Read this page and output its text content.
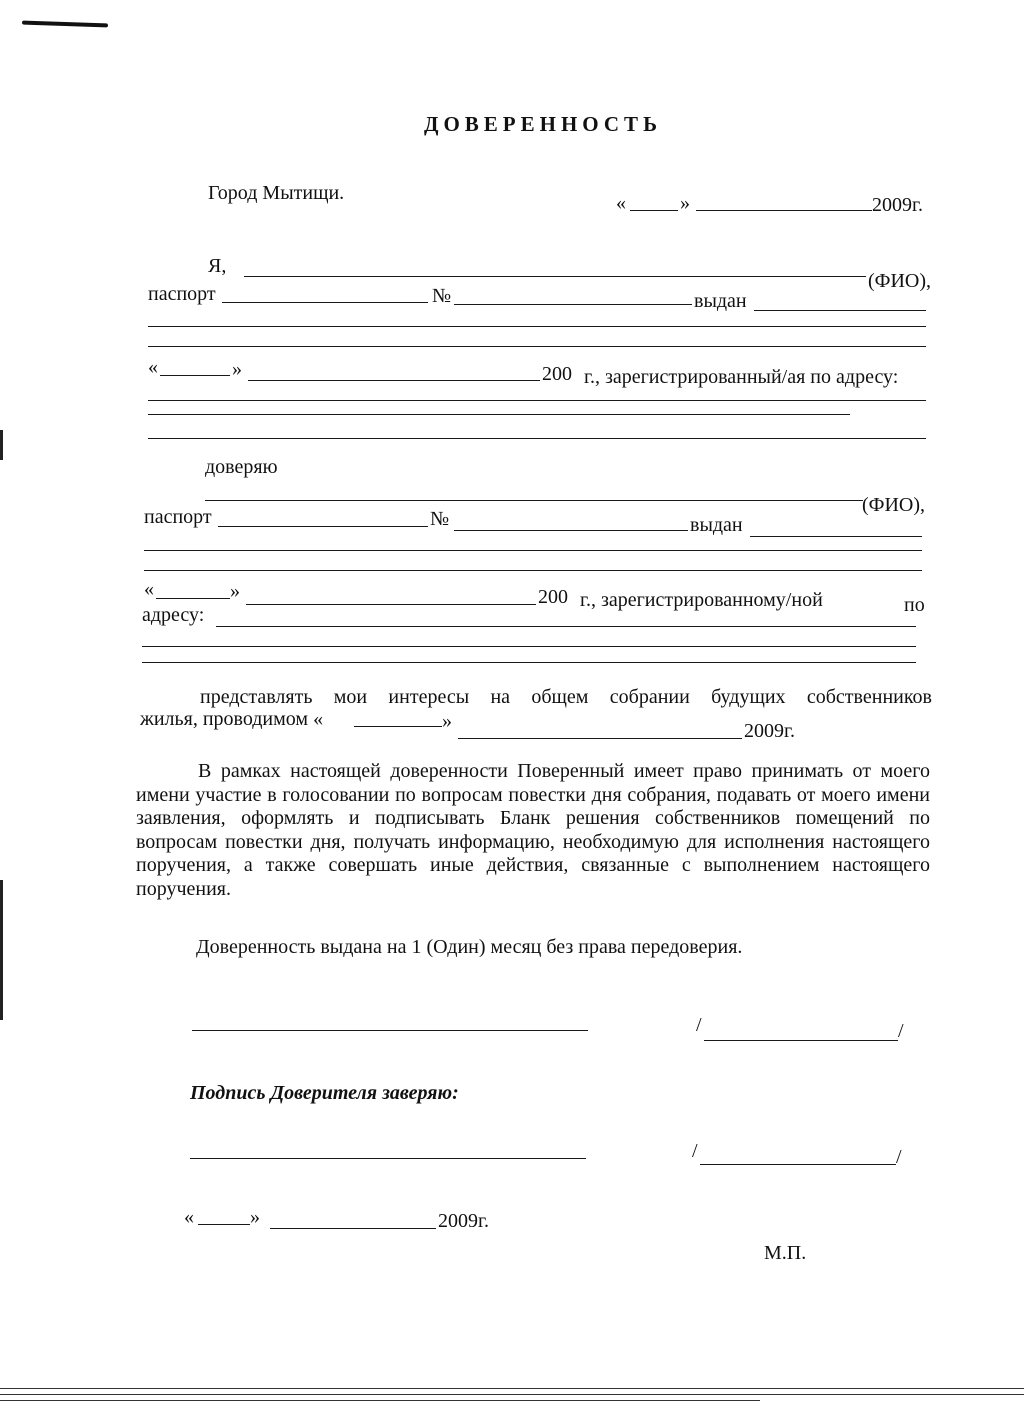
ДОВЕРЕННОСТЬ
Город Мытищи.	«	»	2009г.
Я,
(ФИО),
паспорт	№	выдан
«	»	200 г., зарегистрированный/ая по адресу:
доверяю
(ФИО),
паспорт	№	выдан
«	»	200 г., зарегистрированному/ной	по
адресу:
представлять мои интересы на общем собрании будущих собственников
жилья, проводимом «	»	2009г.
В рамках настоящей доверенности Поверенный имеет право принимать от моего имени участие в голосовании по вопросам повестки дня собрания, подавать от моего имени заявления, оформлять и подписывать Бланк решения собственников помещений по вопросам повестки дня, получать информацию, необходимую для исполнения настоящего поручения, а также совершать иные действия, связанные с выполнением настоящего поручения.
Доверенность выдана на 1 (Один) месяц без права передоверия.
/	/
Подпись Доверителя заверяю:
/	/
«	»	2009г.
М.П.
